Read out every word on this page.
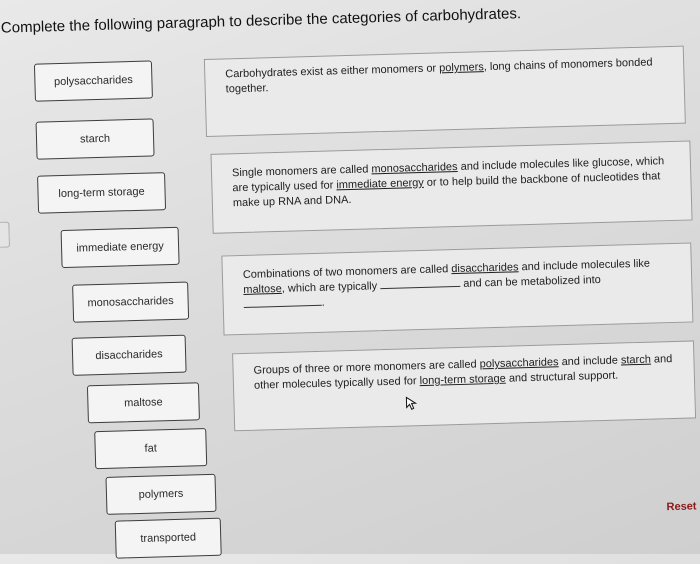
Complete the following paragraph to describe the categories of carbohydrates.
polysaccharides
starch
long-term storage
immediate energy
monosaccharides
disaccharides
maltose
fat
polymers
transported
Carbohydrates exist as either monomers or polymers, long chains of monomers bonded together.
Single monomers are called monosaccharides and include molecules like glucose, which are typically used for immediate energy or to help build the backbone of nucleotides that make up RNA and DNA.
Combinations of two monomers are called disaccharides and include molecules like maltose, which are typically	and can be metabolized into .
Groups of three or more monomers are called polysaccharides and include starch and other molecules typically used for long-term storage and structural support.
Reset
